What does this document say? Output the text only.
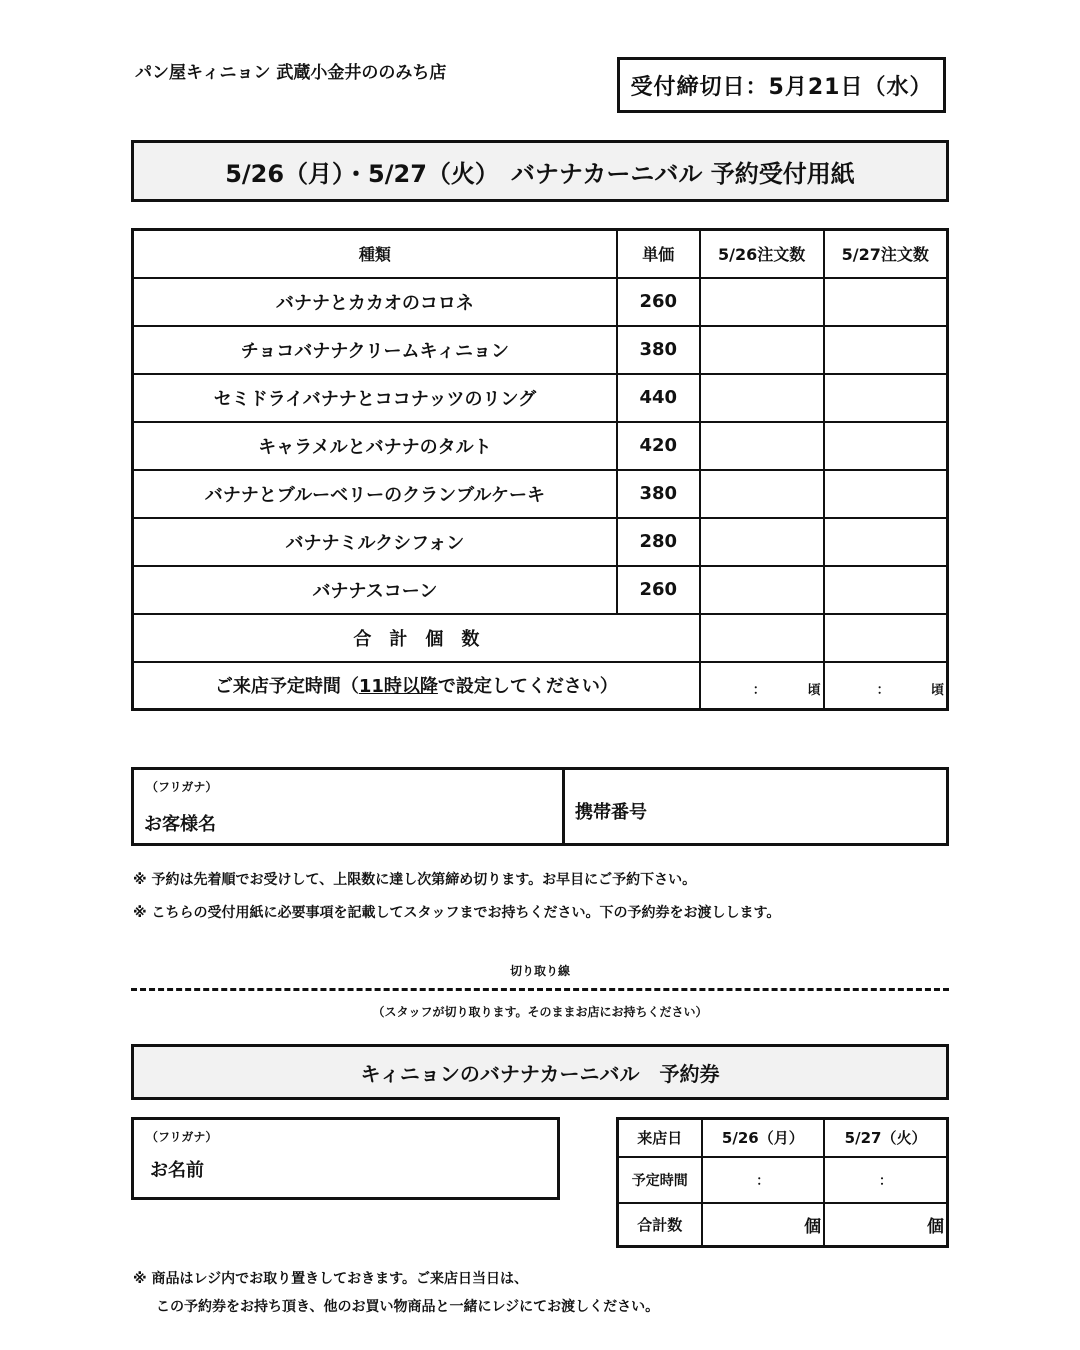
パン屋キィニョン 武蔵小金井ののみち店
受付締切日：5月21日（水）
5/26（月）・5/27（火）　バナナカーニバル 予約受付用紙
種類	単価	5/26注文数	5/27注文数
バナナとカカオのコロネ	260		
チョコバナナクリームキィニョン	380		
セミドライバナナとココナッツのリング	440		
キャラメルとバナナのタルト	420		
バナナとブルーベリーのクランブルケーキ	380		
バナナミルクシフォン	280		
バナナスコーン	260		
合　計　個　数			
ご来店予定時間（11時以降で設定してください）		： 頃	： 頃
（フリガナ）
お客様名
携帯番号
※ 予約は先着順でお受けして、上限数に達し次第締め切ります。お早目にご予約下さい。
※ こちらの受付用紙に必要事項を記載してスタッフまでお持ちください。下の予約券をお渡しします。
切り取り線
（スタッフが切り取ります。そのままお店にお持ちください）
キィニョンのバナナカーニバル　予約券
（フリガナ）
お名前
来店日	5/26（月）	5/27（火）
予定時間	：	：
合計数	個	個
※ 商品はレジ内でお取り置きしておきます。ご来店日当日は、
この予約券をお持ち頂き、他のお買い物商品と一緒にレジにてお渡しください。
